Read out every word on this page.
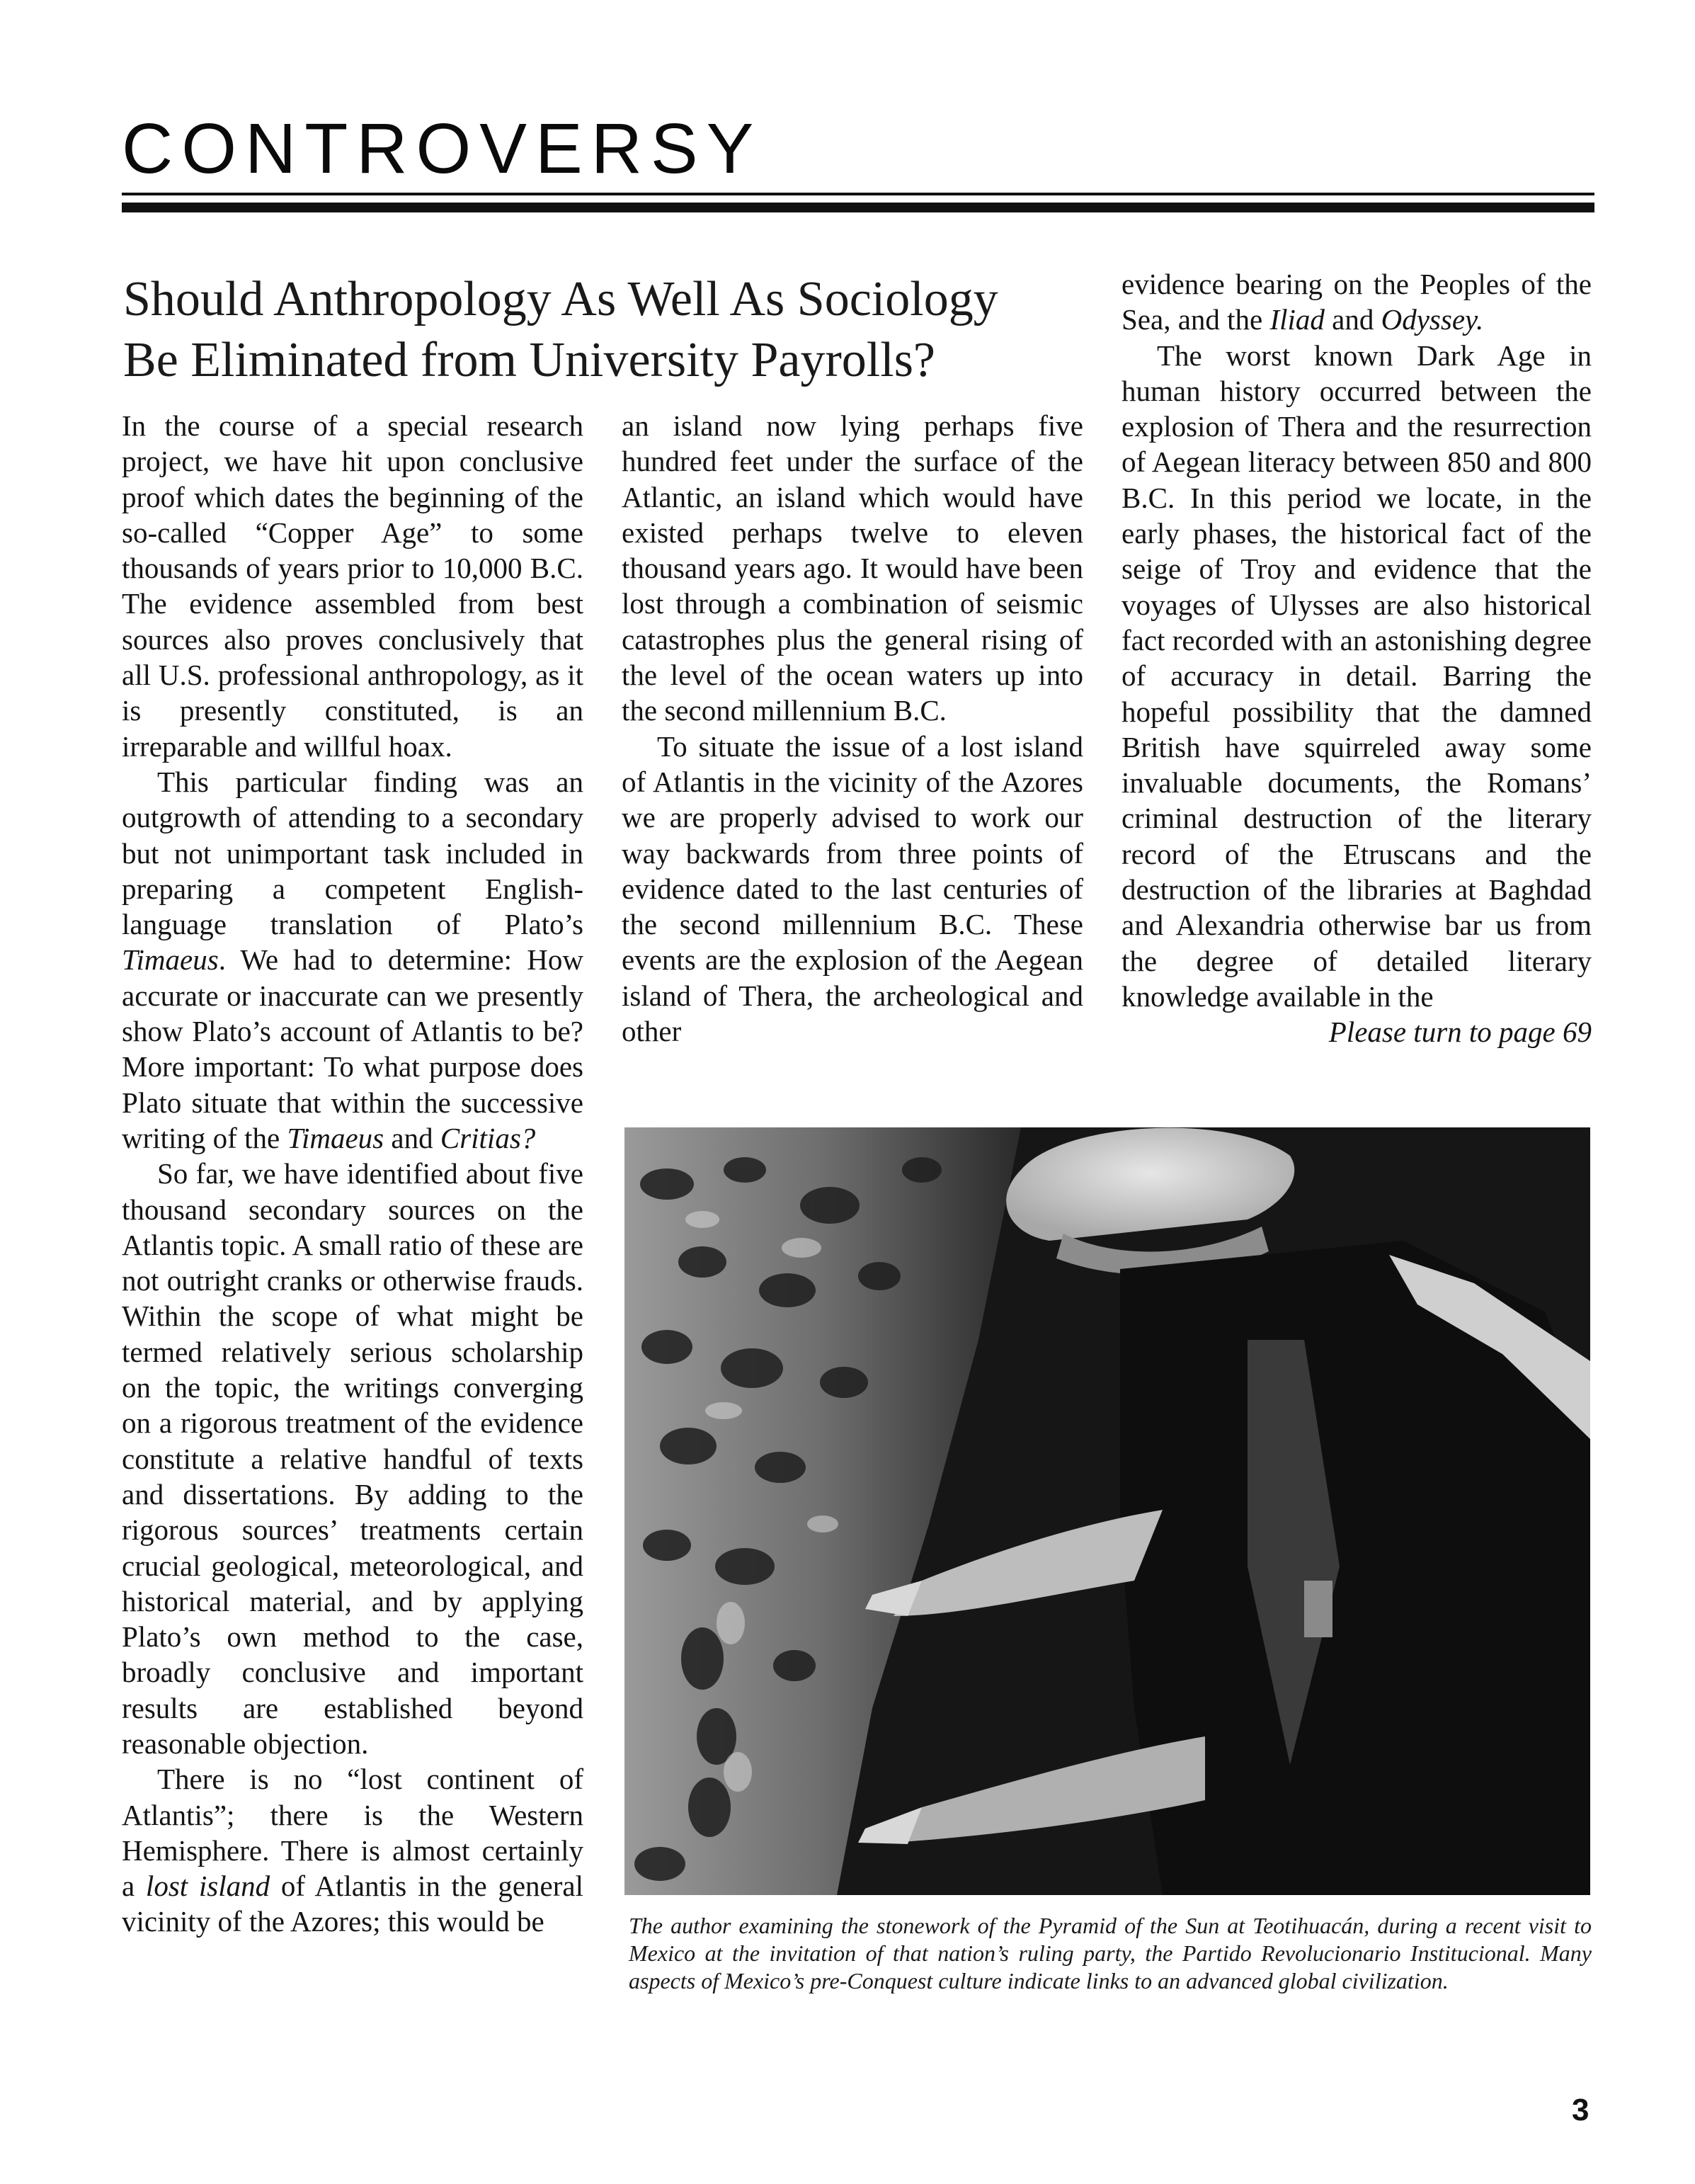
CONTROVERSY
Should Anthropology As Well As Sociology Be Eliminated from University Payrolls?

In the course of a special research project, we have hit upon conclusive proof which dates the beginning of the so-called “Copper Age” to some thousands of years prior to 10,000 B.C. The evidence assembled from best sources also proves conclusively that all U.S. professional anthropology, as it is presently constituted, is an irreparable and willful hoax.

This particular finding was an outgrowth of attending to a secondary but not unimportant task included in preparing a competent English-language translation of Plato’s Timaeus. We had to determine: How accurate or inaccurate can we presently show Plato’s account of Atlantis to be? More important: To what purpose does Plato situate that within the successive writing of the Timaeus and Critias?

So far, we have identified about five thousand secondary sources on the Atlantis topic. A small ratio of these are not outright cranks or otherwise frauds. Within the scope of what might be termed relatively serious scholarship on the topic, the writings converging on a rigorous treatment of the evidence constitute a relative handful of texts and dissertations. By adding to the rigorous sources’ treatments certain crucial geological, meteorological, and historical material, and by applying Plato’s own method to the case, broadly conclusive and important results are established beyond reasonable objection.

There is no “lost continent of Atlantis”; there is the Western Hemisphere. There is almost certainly a lost island of Atlantis in the general vicinity of the Azores; this would be

an island now lying perhaps five hundred feet under the surface of the Atlantic, an island which would have existed perhaps twelve to eleven thousand years ago. It would have been lost through a combination of seismic catastrophes plus the general rising of the level of the ocean waters up into the second millennium B.C.

To situate the issue of a lost island of Atlantis in the vicinity of the Azores we are properly advised to work our way backwards from three points of evidence dated to the last centuries of the second millennium B.C. These events are the explosion of the Aegean island of Thera, the archeological and other

evidence bearing on the Peoples of the Sea, and the Iliad and Odyssey.

The worst known Dark Age in human history occurred between the explosion of Thera and the resurrection of Aegean literacy between 850 and 800 B.C. In this period we locate, in the early phases, the historical fact of the seige of Troy and evidence that the voyages of Ulysses are also historical fact recorded with an astonishing degree of accuracy in detail. Barring the hopeful possibility that the damned British have squirreled away some invaluable documents, the Romans’ criminal destruction of the literary record of the Etruscans and the destruction of the libraries at Baghdad and Alexandria otherwise bar us from the degree of detailed literary knowledge available in the

Please turn to page 69

The author examining the stonework of the Pyramid of the Sun at Teotihuacán, during a recent visit to Mexico at the invitation of that nation’s ruling party, the Partido Revolucionario Institucional. Many aspects of Mexico’s pre-Conquest culture indicate links to an advanced global civilization.
3
